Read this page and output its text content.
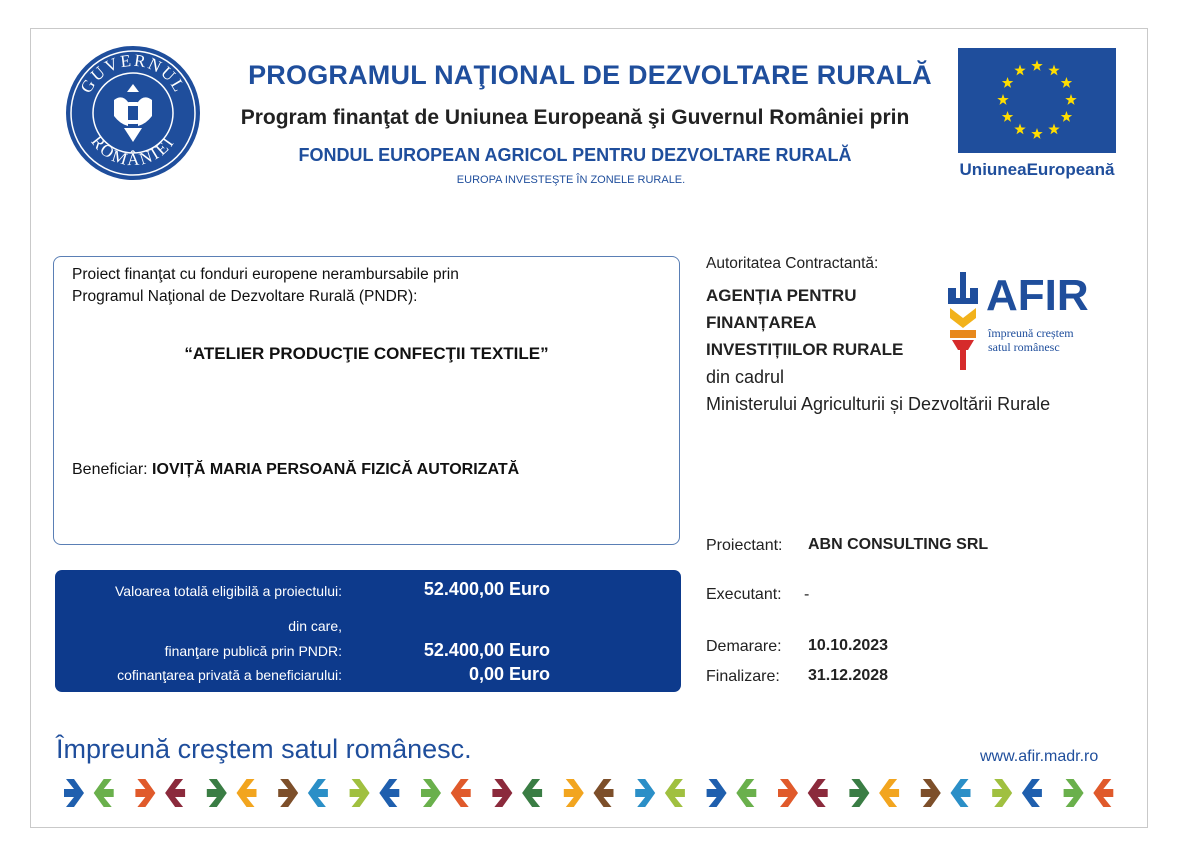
GUVERNUL
ROMÂNIEI
PROGRAMUL NAŢIONAL DE DEZVOLTARE RURALĂ
Program finanţat de Uniunea Europeană şi Guvernul României prin
FONDUL EUROPEAN AGRICOL PENTRU DEZVOLTARE RURALĂ
EUROPA INVESTEŞTE ÎN ZONELE RURALE.
UniuneaEuropeană
Proiect finanţat cu fonduri europene nerambursabile prin
Programul Naţional de Dezvoltare Rurală (PNDR):
“ATELIER PRODUCŢIE CONFECŢII TEXTILE”
Beneficiar: IOVIȚĂ MARIA PERSOANĂ FIZICĂ AUTORIZATĂ
Valoarea totală eligibilă a proiectului:	52.400,00 Euro
din care,
finanţare publică prin PNDR:	52.400,00 Euro
cofinanţarea privată a beneficiarului:	0,00 Euro
Autoritatea Contractantă:
AGENȚIA PENTRU
FINANȚAREA
INVESTIȚIILOR RURALE
din cadrul
Ministerului Agriculturii și Dezvoltării Rurale
AFIR
împreună creștem
satul românesc
Proiectant: ABN CONSULTING SRL
Executant: -
Demarare: 10.10.2023
Finalizare: 31.12.2028
Împreună creştem satul românesc.	www.afir.madr.ro
